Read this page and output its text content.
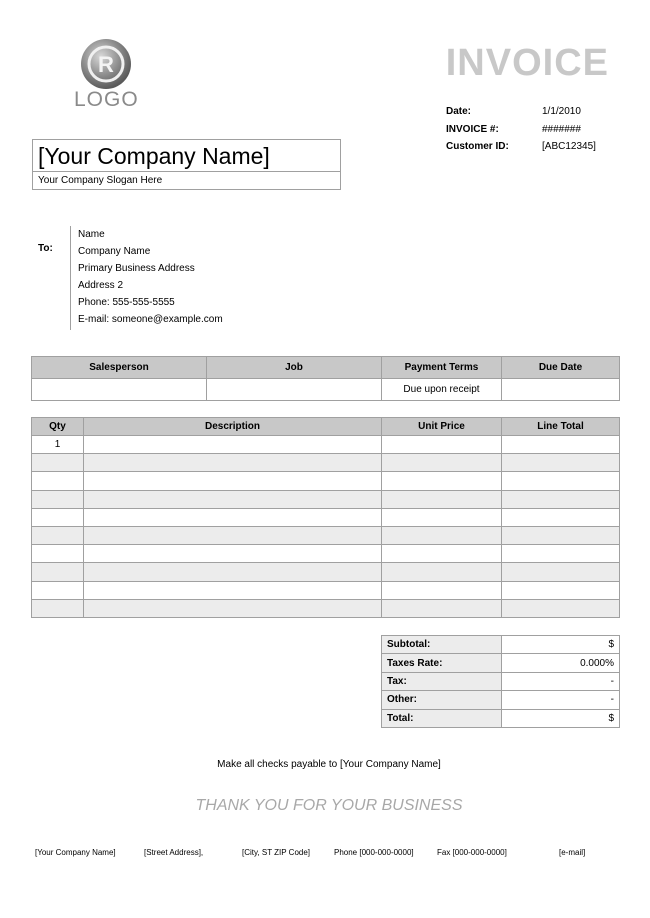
R
LOGO
INVOICE
Date:	1/1/2010
INVOICE #:	#######
Customer ID:	[ABC12345]
[Your Company Name]
Your Company Slogan Here
To:
Name
Company Name
Primary Business Address
Address 2
Phone: 555-555-5555
E-mail: someone@example.com
Salesperson	Job	Payment Terms	Due Date
		Due upon receipt	
Qty	Description	Unit Price	Line Total
1			

Subtotal:	$
Taxes Rate:	0.000%
Tax:	-
Other:	-
Total:	$
Make all checks payable to [Your Company Name]
THANK YOU FOR YOUR BUSINESS
[Your Company Name]	[Street Address],	[City, ST ZIP Code]	Phone [000-000-0000]	Fax [000-000-0000]	[e-mail]
